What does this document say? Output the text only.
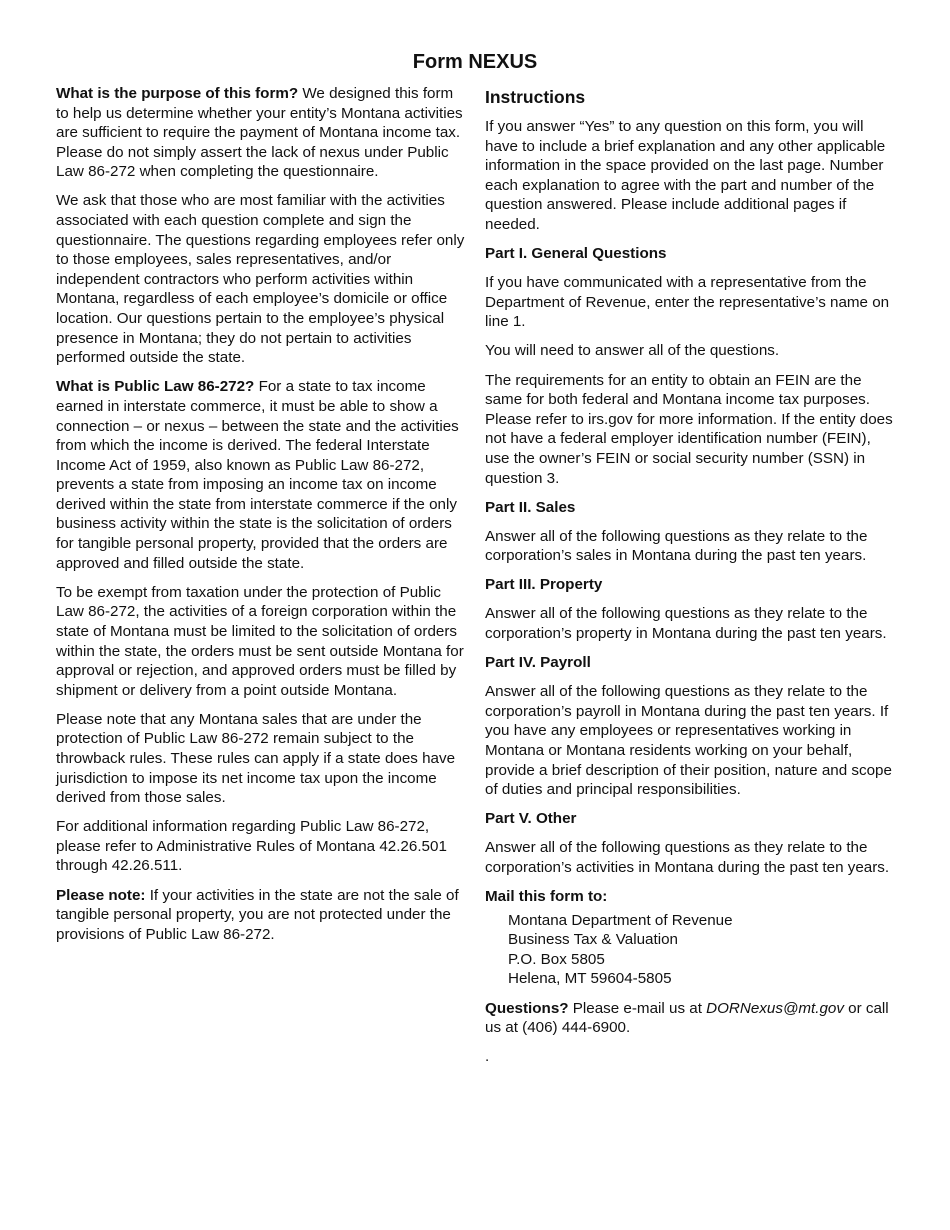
Form NEXUS

What is the purpose of this form? We designed this form to help us determine whether your entity’s Montana activities are sufficient to require the payment of Montana income tax. Please do not simply assert the lack of nexus under Public Law 86-272 when completing the questionnaire.

We ask that those who are most familiar with the activities associated with each question complete and sign the questionnaire. The questions regarding employees refer only to those employees, sales representatives, and/or independent contractors who perform activities within Montana, regardless of each employee’s domicile or office location. Our questions pertain to the employee’s physical presence in Montana; they do not pertain to activities performed outside the state.

What is Public Law 86-272? For a state to tax income earned in interstate commerce, it must be able to show a connection – or nexus – between the state and the activities from which the income is derived. The federal Interstate Income Act of 1959, also known as Public Law 86-272, prevents a state from imposing an income tax on income derived within the state from interstate commerce if the only business activity within the state is the solicitation of orders for tangible personal property, provided that the orders are approved and filled outside the state.

To be exempt from taxation under the protection of Public Law 86-272, the activities of a foreign corporation within the state of Montana must be limited to the solicitation of orders within the state, the orders must be sent outside Montana for approval or rejection, and approved orders must be filled by shipment or delivery from a point outside Montana.

Please note that any Montana sales that are under the protection of Public Law 86-272 remain subject to the throwback rules. These rules can apply if a state does have jurisdiction to impose its net income tax upon the income derived from those sales.

For additional information regarding Public Law 86-272, please refer to Administrative Rules of Montana 42.26.501 through 42.26.511.

Please note: If your activities in the state are not the sale of tangible personal property, you are not protected under the provisions of Public Law 86-272.

Instructions

If you answer “Yes” to any question on this form, you will have to include a brief explanation and any other applicable information in the space provided on the last page. Number each explanation to agree with the part and number of the question answered. Please include additional pages if needed.

Part I. General Questions

If you have communicated with a representative from the Department of Revenue, enter the representative’s name on line 1.

You will need to answer all of the questions.

The requirements for an entity to obtain an FEIN are the same for both federal and Montana income tax purposes. Please refer to irs.gov for more information. If the entity does not have a federal employer identification number (FEIN), use the owner’s FEIN or social security number (SSN) in question 3.

Part II. Sales

Answer all of the following questions as they relate to the corporation’s sales in Montana during the past ten years.

Part III. Property

Answer all of the following questions as they relate to the corporation’s property in Montana during the past ten years.

Part IV. Payroll

Answer all of the following questions as they relate to the corporation’s payroll in Montana during the past ten years. If you have any employees or representatives working in Montana or Montana residents working on your behalf, provide a brief description of their position, nature and scope of duties and principal responsibilities.

Part V. Other

Answer all of the following questions as they relate to the corporation’s activities in Montana during the past ten years.

Mail this form to:
Montana Department of Revenue
Business Tax & Valuation
P.O. Box 5805
Helena, MT 59604-5805

Questions? Please e-mail us at DORNexus@mt.gov or call us at (406) 444-6900.

.
